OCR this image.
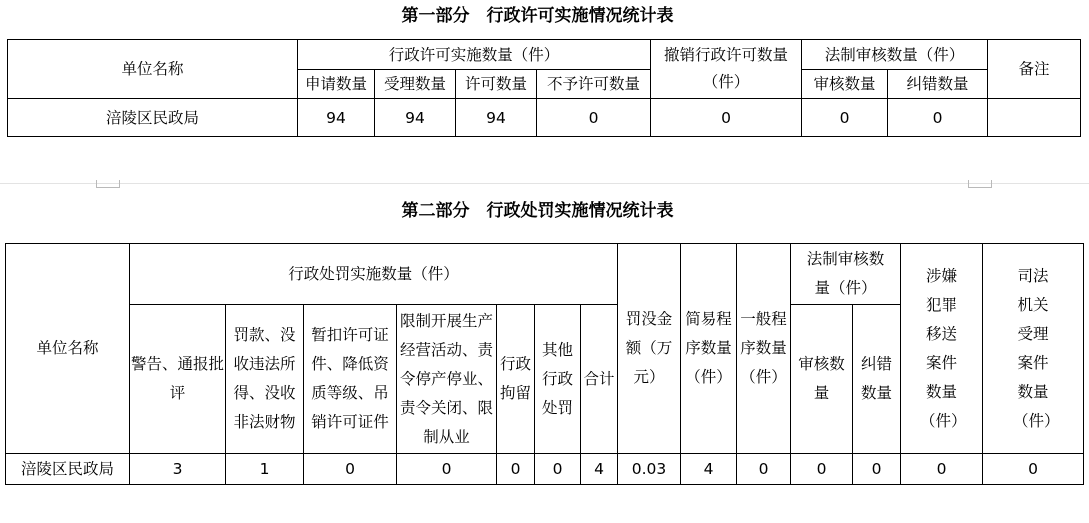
第一部分　行政许可实施情况统计表
单位名称	行政许可实施数量（件）				撤销行政许可数量（件）	法制审核数量（件）		备注
	申请数量	受理数量	许可数量	不予许可数量		审核数量	纠错数量	
涪陵区民政局	94	94	94	0	0	0	0	
第二部分　行政处罚实施情况统计表
单位名称	行政处罚实施数量（件）							罚没金额（万元）	简易程序数量（件）	一般程序数量（件）	法制审核数量（件）		涉嫌犯罪移送案件数量（件）	司法机关受理案件数量（件）
	警告、通报批评	罚款、没收违法所得、没收非法财物	暂扣许可证件、降低资质等级、吊销许可证件	限制开展生产经营活动、责令停产停业、责令关闭、限制从业	行政拘留	其他行政处罚	合计				审核数量	纠错数量		
涪陵区民政局	3	1	0	0	0	0	4	0.03	4	0	0	0	0	0
